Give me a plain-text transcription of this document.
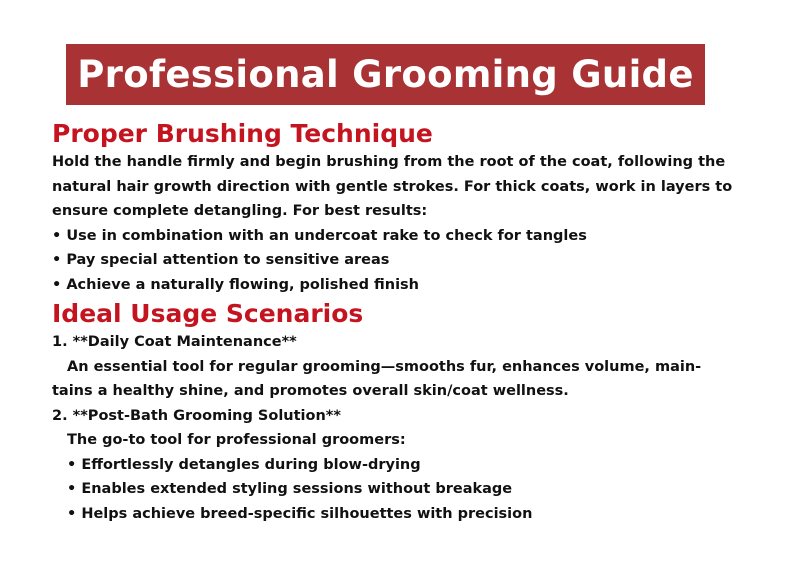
Professional Grooming Guide
Proper Brushing Technique

Hold the handle firmly and begin brushing from the root of the coat, following the

natural hair growth direction with gentle strokes. For thick coats, work in layers to

ensure complete detangling. For best results:

• Use in combination with an undercoat rake to check for tangles

• Pay special attention to sensitive areas

• Achieve a naturally flowing, polished finish

Ideal Usage Scenarios

1. **Daily Coat Maintenance**

An essential tool for regular grooming—smooths fur, enhances volume, main-

tains a healthy shine, and promotes overall skin/coat wellness.

2. **Post-Bath Grooming Solution**

The go-to tool for professional groomers:

• Effortlessly detangles during blow-drying

• Enables extended styling sessions without breakage

• Helps achieve breed-specific silhouettes with precision
